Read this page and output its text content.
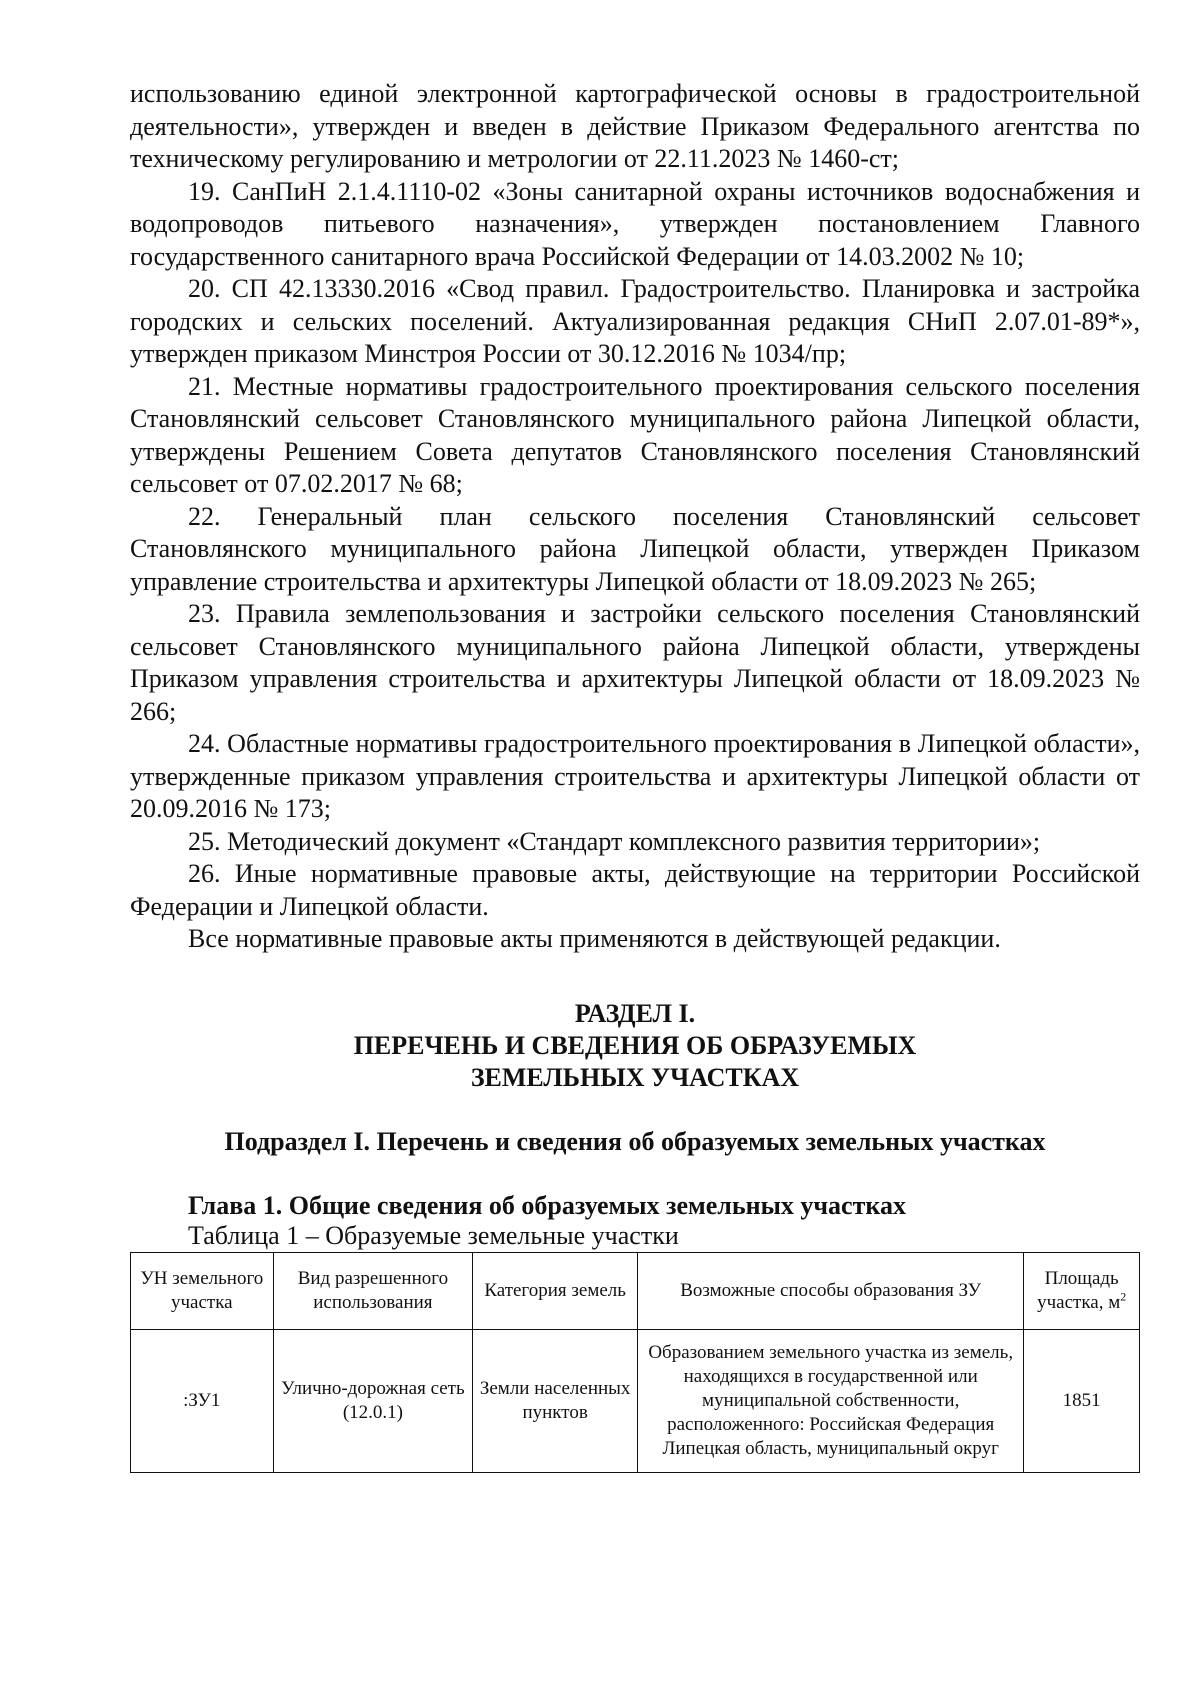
использованию единой электронной картографической основы в градостроительной деятельности», утвержден и введен в действие Приказом Федерального агентства по техническому регулированию и метрологии от 22.11.2023 № 1460-ст;

19. СанПиН 2.1.4.1110-02 «Зоны санитарной охраны источников водоснабжения и водопроводов питьевого назначения», утвержден постановлением Главного государственного санитарного врача Российской Федерации от 14.03.2002 № 10;

20. СП 42.13330.2016 «Свод правил. Градостроительство. Планировка и застройка городских и сельских поселений. Актуализированная редакция СНиП 2.07.01-89*», утвержден приказом Минстроя России от 30.12.2016 № 1034/пр;

21. Местные нормативы градостроительного проектирования сельского поселения Становлянский сельсовет Становлянского муниципального района Липецкой области, утверждены Решением Совета депутатов Становлянского поселения Становлянский сельсовет от 07.02.2017 № 68;

22. Генеральный план сельского поселения Становлянский сельсовет Становлянского муниципального района Липецкой области, утвержден Приказом управление строительства и архитектуры Липецкой области от 18.09.2023 № 265;

23. Правила землепользования и застройки сельского поселения Становлянский сельсовет Становлянского муниципального района Липецкой области, утверждены Приказом управления строительства и архитектуры Липецкой области от 18.09.2023 № 266;

24. Областные нормативы градостроительного проектирования в Липецкой области», утвержденные приказом управления строительства и архитектуры Липецкой области от 20.09.2016 № 173;

25. Методический документ «Стандарт комплексного развития территории»;

26. Иные нормативные правовые акты, действующие на территории Российской Федерации и Липецкой области.

Все нормативные правовые акты применяются в действующей редакции.

РАЗДЕЛ I.

ПЕРЕЧЕНЬ И СВЕДЕНИЯ ОБ ОБРАЗУЕМЫХ

ЗЕМЕЛЬНЫХ УЧАСТКАХ

Подраздел I. Перечень и сведения об образуемых земельных участках

Глава 1. Общие сведения об образуемых земельных участках

Таблица 1 – Образуемые земельные участки

УН земельного участка	Вид разрешенного использования	Категория земель	Возможные способы образования ЗУ	Площадь участка, $м^2$
:ЗУ1	Улично-дорожная сеть (12.0.1)	Земли населенных пунктов	Образованием земельного участка из земель, находящихся в государственной или муниципальной собственности, расположенного: Российская Федерация Липецкая область, муниципальный округ	1851
